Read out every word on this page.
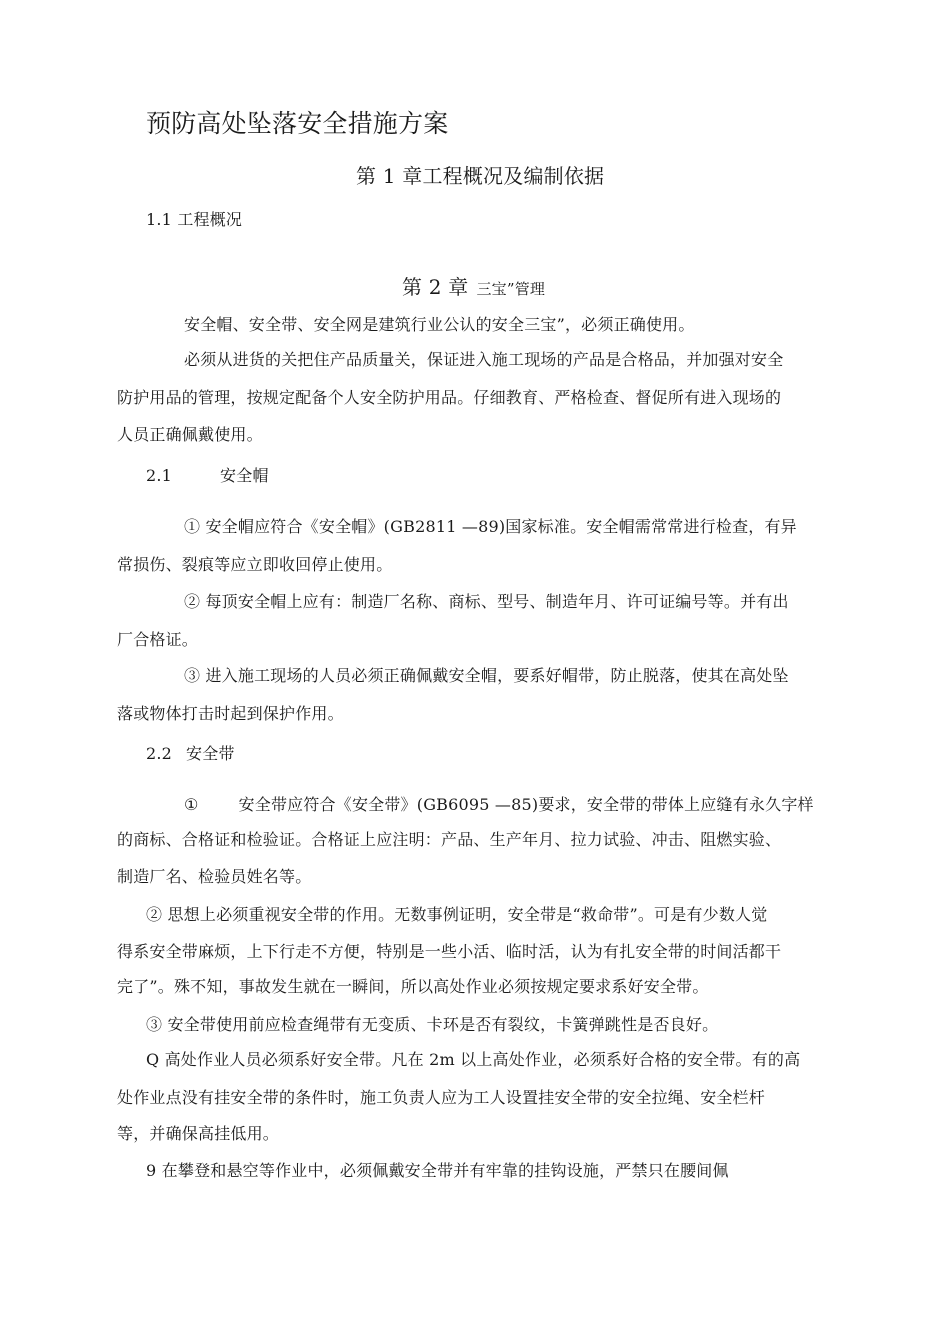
预防高处坠落安全措施方案
第 1 章工程概况及编制依据
1.1 工程概况
第 2 章 三宝”管理
安全帽、安全带、安全网是建筑行业公认的安全三宝”，必须正确使用。
必须从进货的关把住产品质量关，保证进入施工现场的产品是合格品，并加强对安全
防护用品的管理，按规定配备个人安全防护用品。仔细教育、严格检查、督促所有进入现场的
人员正确佩戴使用。
2.1	安全帽
① 安全帽应符合《安全帽》(GB2811 —89)国家标准。安全帽需常常进行检查，有异
常损伤、裂痕等应立即收回停止使用。
② 每顶安全帽上应有：制造厂名称、商标、型号、制造年月、许可证编号等。并有出
厂合格证。
③ 进入施工现场的人员必须正确佩戴安全帽，要系好帽带，防止脱落，使其在高处坠
落或物体打击时起到保护作用。
2.2 安全带
①	安全带应符合《安全带》(GB6095 —85)要求，安全带的带体上应缝有永久字样
的商标、合格证和检验证。合格证上应注明：产品、生产年月、拉力试验、冲击、阻燃实验、
制造厂名、检验员姓名等。
② 思想上必须重视安全带的作用。无数事例证明，安全带是“救命带”。可是有少数人觉
得系安全带麻烦，上下行走不方便，特别是一些小活、临时活，认为有扎安全带的时间活都干
完了”。殊不知，事故发生就在一瞬间，所以高处作业必须按规定要求系好安全带。
③ 安全带使用前应检查绳带有无变质、卡环是否有裂纹，卡簧弹跳性是否良好。
Q 高处作业人员必须系好安全带。凡在 2m 以上高处作业，必须系好合格的安全带。有的高
处作业点没有挂安全带的条件时，施工负责人应为工人设置挂安全带的安全拉绳、安全栏杆
等，并确保高挂低用。
9 在攀登和悬空等作业中，必须佩戴安全带并有牢靠的挂钩设施，严禁只在腰间佩
